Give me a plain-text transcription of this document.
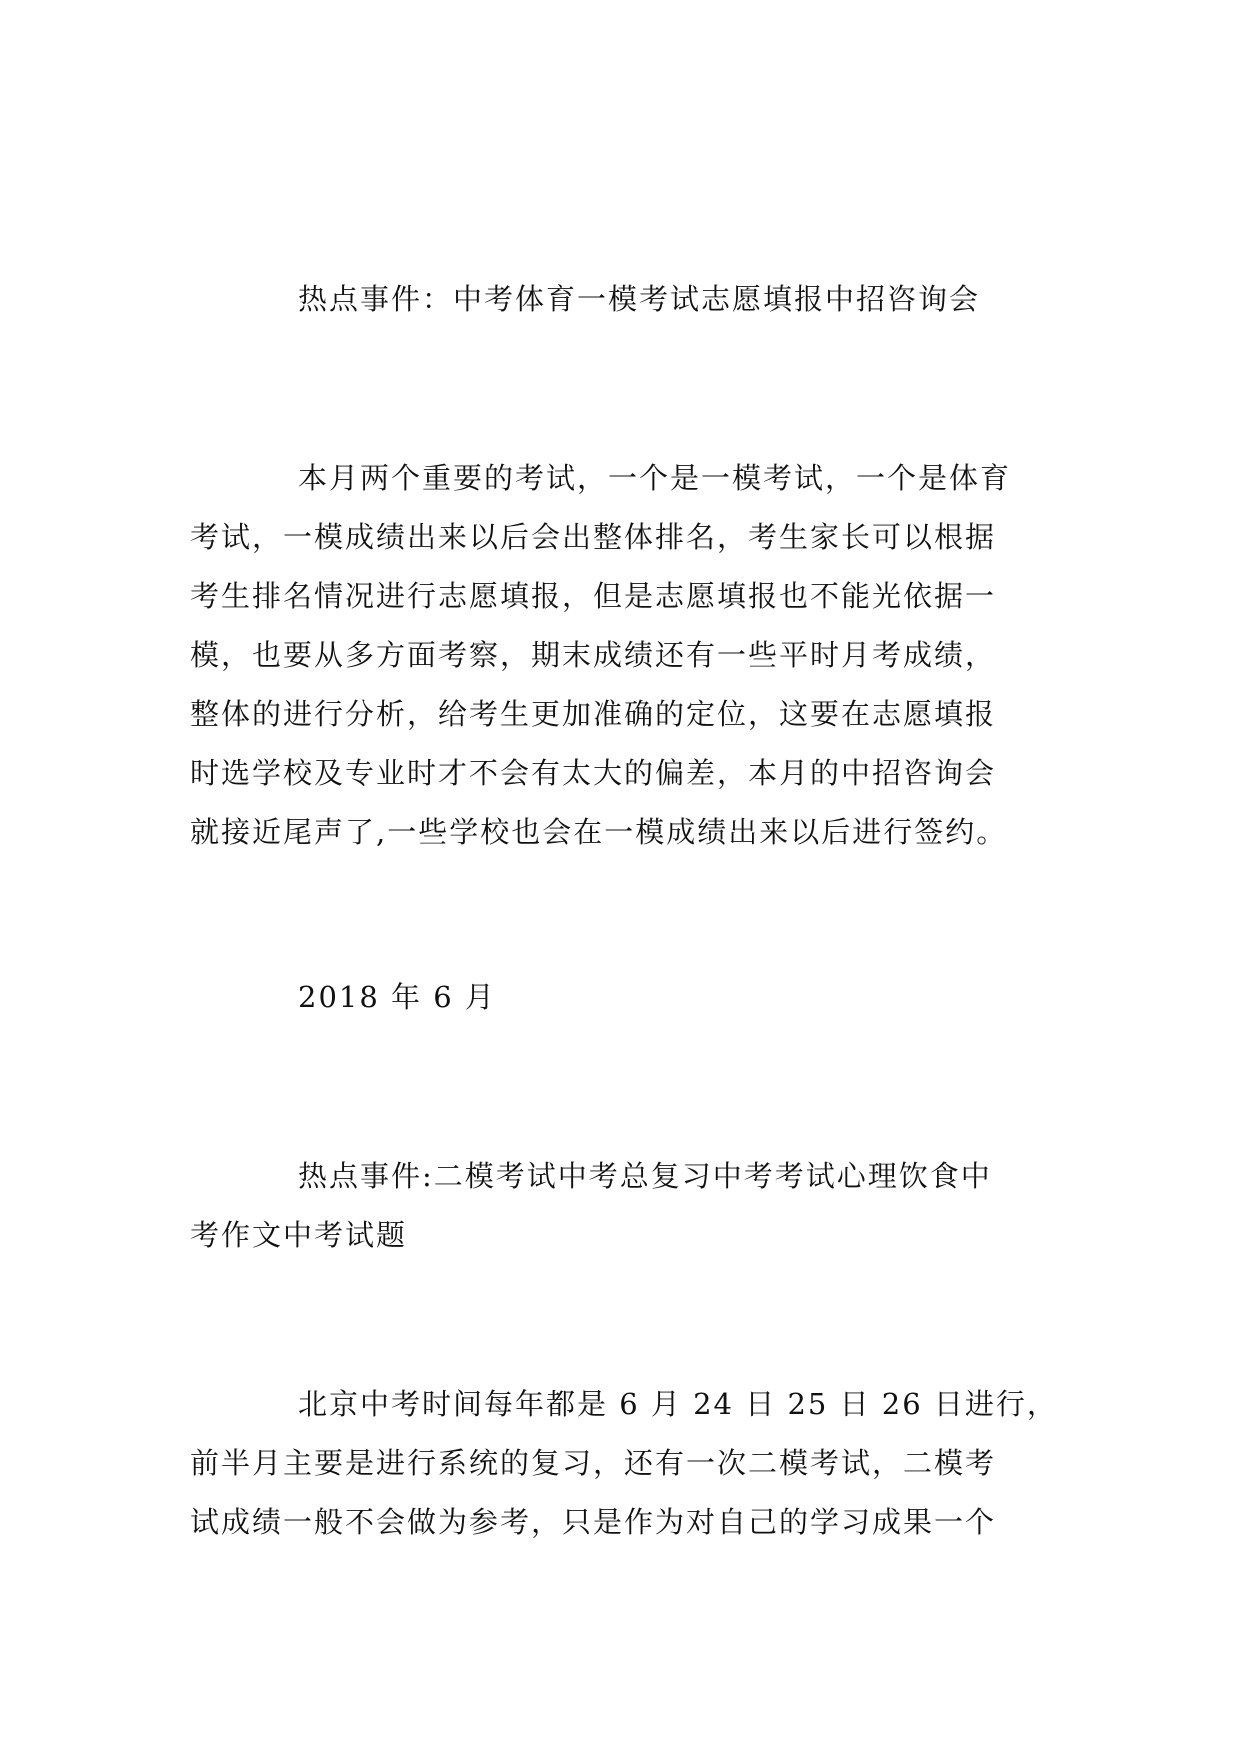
热点事件：中考体育一模考试志愿填报中招咨询会
本月两个重要的考试，一个是一模考试，一个是体育
考试，一模成绩出来以后会出整体排名，考生家长可以根据
考生排名情况进行志愿填报，但是志愿填报也不能光依据一
模，也要从多方面考察，期末成绩还有一些平时月考成绩，
整体的进行分析，给考生更加准确的定位，这要在志愿填报
时选学校及专业时才不会有太大的偏差，本月的中招咨询会
就接近尾声了,一些学校也会在一模成绩出来以后进行签约。
2018 年 6 月
热点事件:二模考试中考总复习中考考试心理饮食中
考作文中考试题
北京中考时间每年都是 6 月 24 日 25 日 26 日进行，
前半月主要是进行系统的复习，还有一次二模考试，二模考
试成绩一般不会做为参考，只是作为对自己的学习成果一个
